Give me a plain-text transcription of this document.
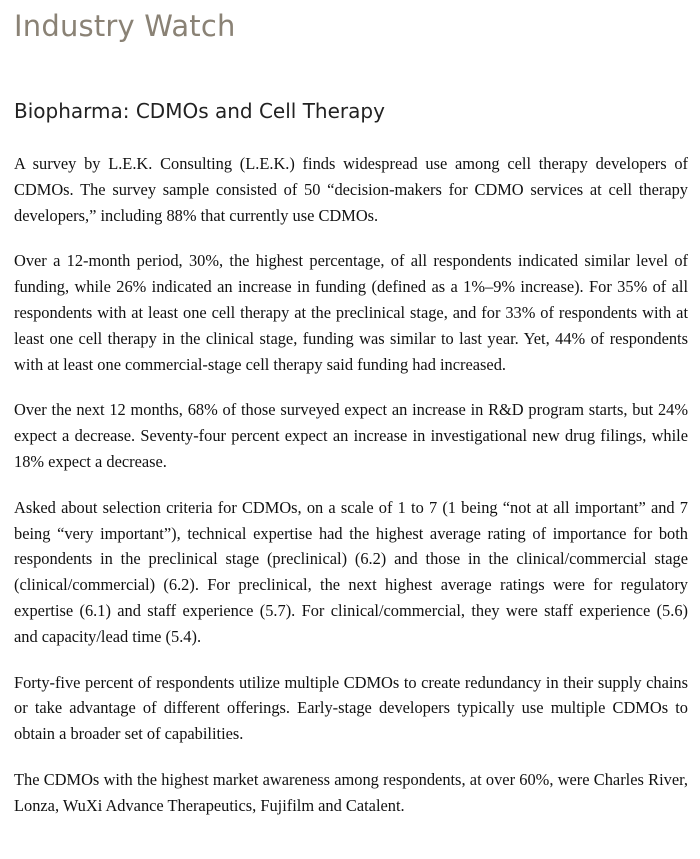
Industry Watch
Biopharma: CDMOs and Cell Therapy

A survey by L.E.K. Consulting (L.E.K.) finds widespread use among cell therapy developers of CDMOs. The survey sample consisted of 50 “decision-makers for CDMO services at cell therapy developers,” including 88% that currently use CDMOs.

Over a 12-month period, 30%, the highest percentage, of all respondents indicated similar level of funding, while 26% indicated an increase in funding (defined as a 1%–9% increase). For 35% of all respondents with at least one cell therapy at the preclinical stage, and for 33% of respondents with at least one cell therapy in the clinical stage, funding was similar to last year. Yet, 44% of respondents with at least one commercial-stage cell therapy said funding had increased.

Over the next 12 months, 68% of those surveyed expect an increase in R&D program starts, but 24% expect a decrease. Seventy-four percent expect an increase in investigational new drug filings, while 18% expect a decrease.

Asked about selection criteria for CDMOs, on a scale of 1 to 7 (1 being “not at all important” and 7 being “very important”), technical expertise had the highest average rating of importance for both respondents in the preclinical stage (preclinical) (6.2) and those in the clinical/commercial stage (clinical/commercial) (6.2). For preclinical, the next highest average ratings were for regulatory expertise (6.1) and staff experience (5.7). For clinical/commercial, they were staff experience (5.6) and capacity/lead time (5.4).

Forty-five percent of respondents utilize multiple CDMOs to create redundancy in their supply chains or take advantage of different offerings. Early-stage developers typically use multiple CDMOs to obtain a broader set of capabilities.

The CDMOs with the highest market awareness among respondents, at over 60%, were Charles River, Lonza, WuXi Advance Therapeutics, Fujifilm and Catalent.
